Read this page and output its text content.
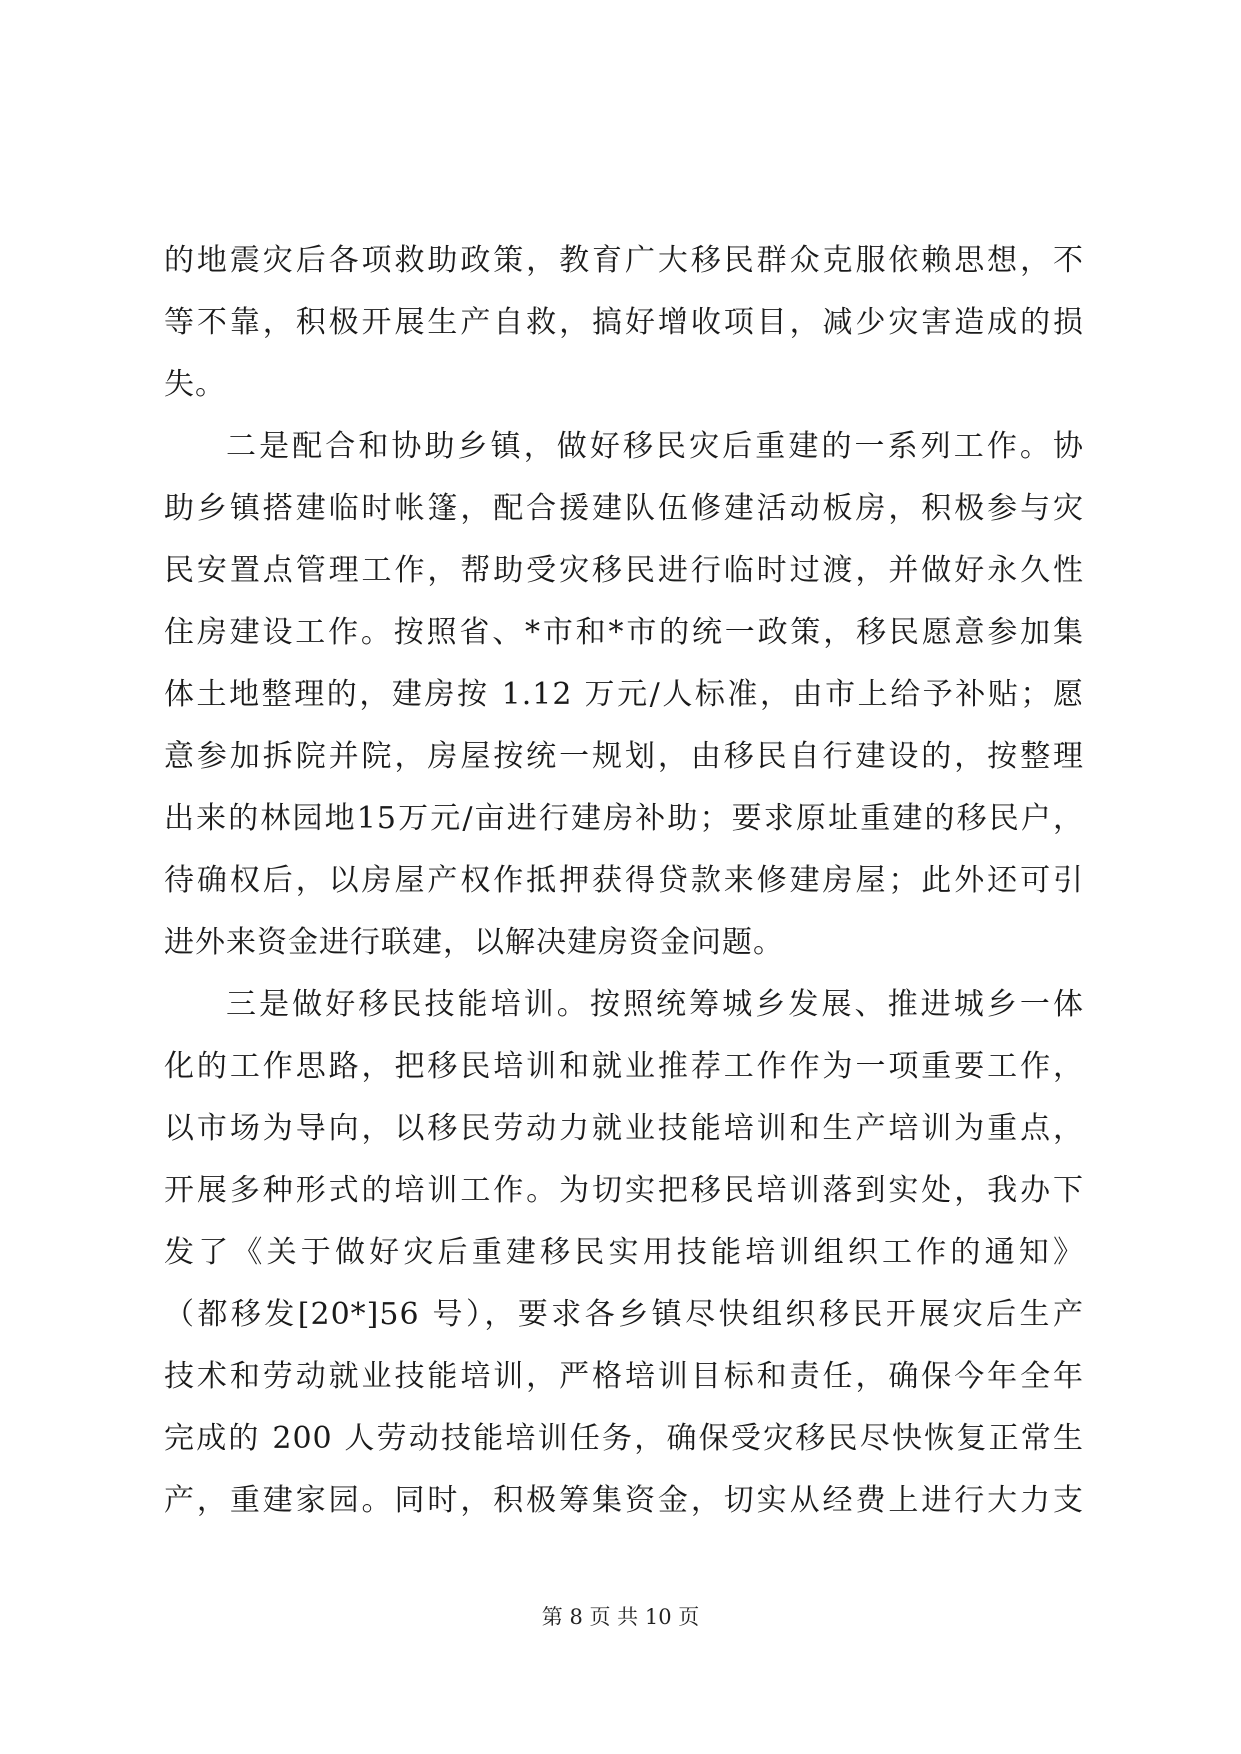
的地震灾后各项救助政策，教育广大移民群众克服依赖思想，不
等不靠，积极开展生产自救，搞好增收项目，减少灾害造成的损
失。
二是配合和协助乡镇，做好移民灾后重建的一系列工作。协
助乡镇搭建临时帐篷，配合援建队伍修建活动板房，积极参与灾
民安置点管理工作，帮助受灾移民进行临时过渡，并做好永久性
住房建设工作。按照省、*市和*市的统一政策，移民愿意参加集
体土地整理的，建房按 1.12 万元/人标准，由市上给予补贴；愿
意参加拆院并院，房屋按统一规划，由移民自行建设的，按整理
出来的林园地15万元/亩进行建房补助；要求原址重建的移民户，
待确权后，以房屋产权作抵押获得贷款来修建房屋；此外还可引
进外来资金进行联建，以解决建房资金问题。
三是做好移民技能培训。按照统筹城乡发展、推进城乡一体
化的工作思路，把移民培训和就业推荐工作作为一项重要工作，
以市场为导向，以移民劳动力就业技能培训和生产培训为重点，
开展多种形式的培训工作。为切实把移民培训落到实处，我办下
发了《关于做好灾后重建移民实用技能培训组织工作的通知》
（都移发[20*]56 号），要求各乡镇尽快组织移民开展灾后生产
技术和劳动就业技能培训，严格培训目标和责任，确保今年全年
完成的 200 人劳动技能培训任务，确保受灾移民尽快恢复正常生
产，重建家园。同时，积极筹集资金，切实从经费上进行大力支
第 8 页 共 10 页
